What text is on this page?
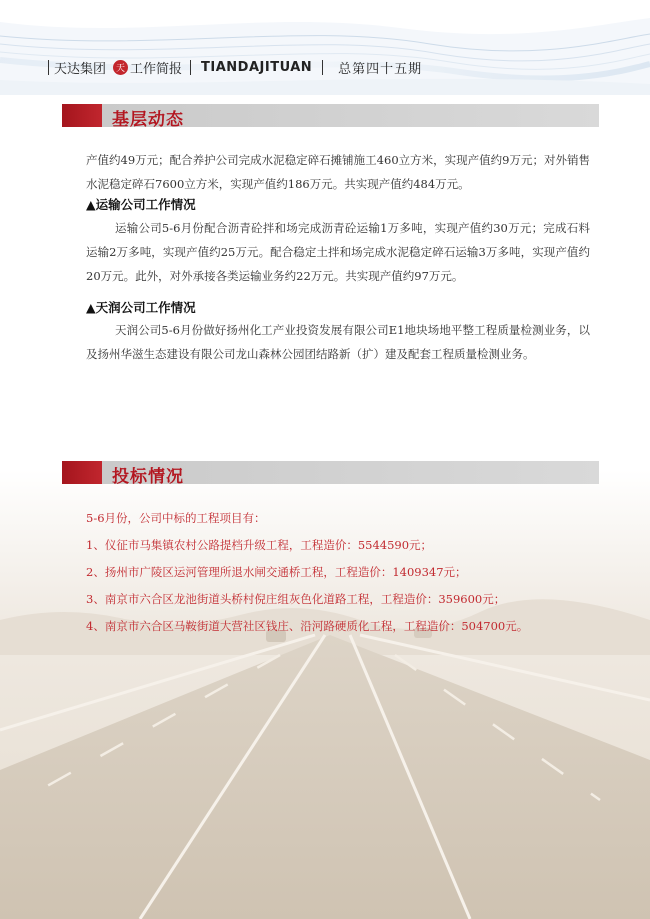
天达集团	天 工作简报 TIANDAJITUAN 总第四十五期
基层动态

产值约49万元；配合养护公司完成水泥稳定碎石摊铺施工460立方米，实现产值约9万元；对外销售水泥稳定碎石7600立方米，实现产值约186万元。共实现产值约484万元。

▲运输公司工作情况

运输公司5-6月份配合沥青砼拌和场完成沥青砼运输1万多吨，实现产值约30万元；完成石料运输2万多吨，实现产值约25万元。配合稳定土拌和场完成水泥稳定碎石运输3万多吨，实现产值约20万元。此外，对外承接各类运输业务约22万元。共实现产值约97万元。

▲天润公司工作情况

天润公司5-6月份做好扬州化工产业投资发展有限公司E1地块场地平整工程质量检测业务，以及扬州华滋生态建设有限公司龙山森林公园团结路新（扩）建及配套工程质量检测业务。

投标情况
5-6月份，公司中标的工程项目有：
1、仪征市马集镇农村公路提档升级工程，工程造价：5544590元；
2、扬州市广陵区运河管理所退水闸交通桥工程，工程造价：1409347元；
3、南京市六合区龙池街道头桥村倪庄组灰色化道路工程，工程造价：359600元；
4、南京市六合区马鞍街道大营社区钱庄、沿河路硬质化工程，工程造价：504700元。
